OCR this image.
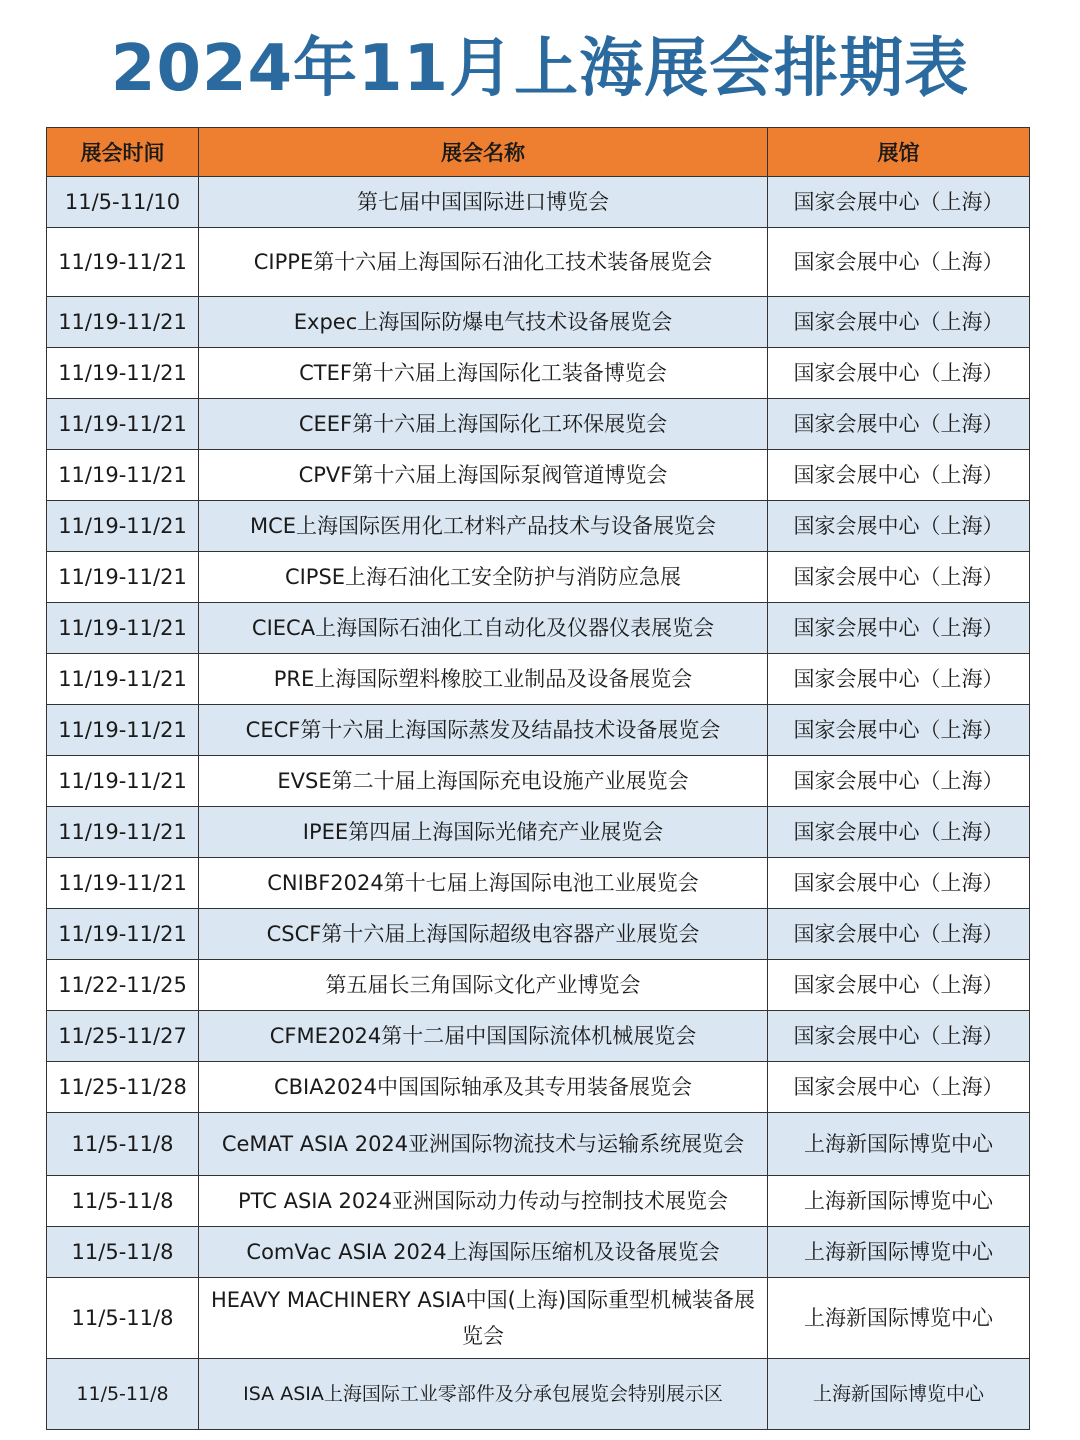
2024年11月上海展会排期表
展会时间	展会名称	展馆
11/5-11/10	第七届中国国际进口博览会	国家会展中心（上海）
11/19-11/21	CIPPE第十六届上海国际石油化工技术装备展览会	国家会展中心（上海）
11/19-11/21	Expec上海国际防爆电气技术设备展览会	国家会展中心（上海）
11/19-11/21	CTEF第十六届上海国际化工装备博览会	国家会展中心（上海）
11/19-11/21	CEEF第十六届上海国际化工环保展览会	国家会展中心（上海）
11/19-11/21	CPVF第十六届上海国际泵阀管道博览会	国家会展中心（上海）
11/19-11/21	MCE上海国际医用化工材料产品技术与设备展览会	国家会展中心（上海）
11/19-11/21	CIPSE上海石油化工安全防护与消防应急展	国家会展中心（上海）
11/19-11/21	CIECA上海国际石油化工自动化及仪器仪表展览会	国家会展中心（上海）
11/19-11/21	PRE上海国际塑料橡胶工业制品及设备展览会	国家会展中心（上海）
11/19-11/21	CECF第十六届上海国际蒸发及结晶技术设备展览会	国家会展中心（上海）
11/19-11/21	EVSE第二十届上海国际充电设施产业展览会	国家会展中心（上海）
11/19-11/21	IPEE第四届上海国际光储充产业展览会	国家会展中心（上海）
11/19-11/21	CNIBF2024第十七届上海国际电池工业展览会	国家会展中心（上海）
11/19-11/21	CSCF第十六届上海国际超级电容器产业展览会	国家会展中心（上海）
11/22-11/25	第五届长三角国际文化产业博览会	国家会展中心（上海）
11/25-11/27	CFME2024第十二届中国国际流体机械展览会	国家会展中心（上海）
11/25-11/28	CBIA2024中国国际轴承及其专用装备展览会	国家会展中心（上海）
11/5-11/8	CeMAT ASIA 2024亚洲国际物流技术与运输系统展览会	上海新国际博览中心
11/5-11/8	PTC ASIA 2024亚洲国际动力传动与控制技术展览会	上海新国际博览中心
11/5-11/8	ComVac ASIA 2024上海国际压缩机及设备展览会	上海新国际博览中心
11/5-11/8	HEAVY MACHINERY ASIA中国(上海)国际重型机械装备展览会	上海新国际博览中心
11/5-11/8	ISA ASIA上海国际工业零部件及分承包展览会特别展示区	上海新国际博览中心
